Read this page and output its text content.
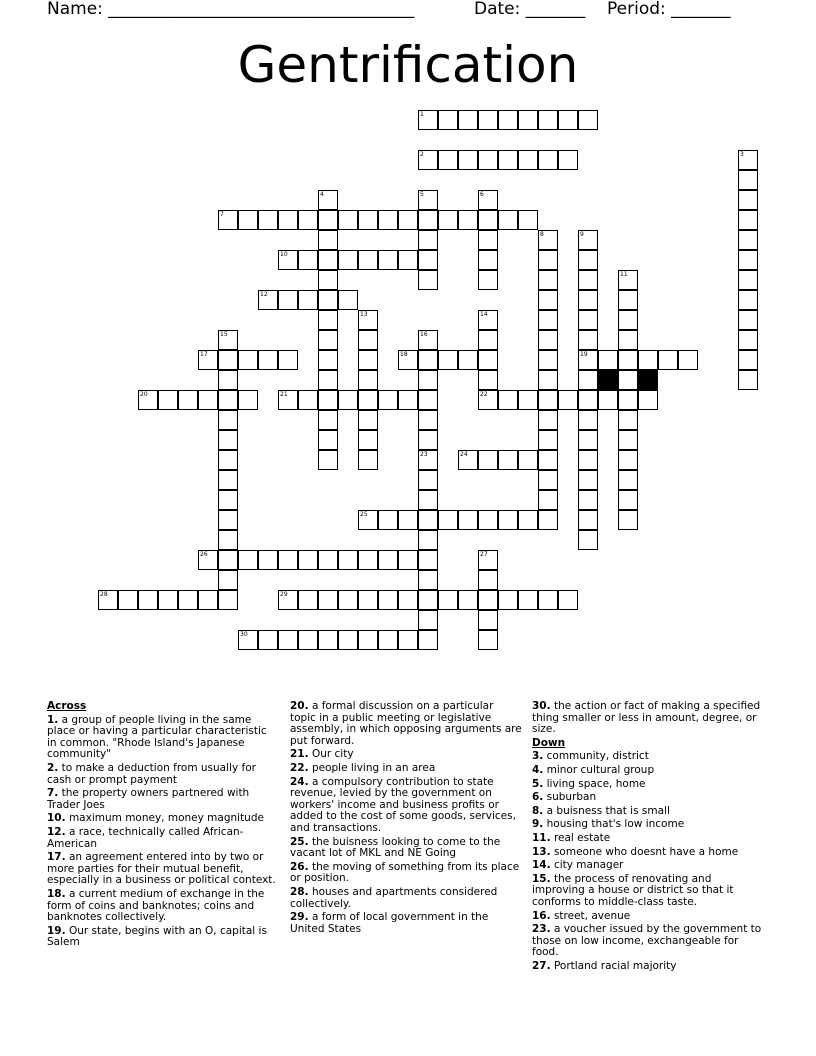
Name: ____________________________________	Date: _______ Period: _______
Gentrification
1
2	3
4	5	6
7
8	9
19
10
11
12
13	14
15	16
17	18
20	21	22
23	24
25
26	27
28	29
30
Across
1. a group of people living in the same place or having a particular characteristic in common. "Rhode Island's Japanese community"
2. to make a deduction from usually for cash or prompt payment
7. the property owners partnered with Trader Joes
10. maximum money, money magnitude
12. a race, technically called African-American
17. an agreement entered into by two or more parties for their mutual benefit, especially in a business or political context.
18. a current medium of exchange in the form of coins and banknotes; coins and banknotes collectively.
19. Our state, begins with an O, capital is Salem
20. a formal discussion on a particular topic in a public meeting or legislative assembly, in which opposing arguments are put forward.
21. Our city
22. people living in an area
24. a compulsory contribution to state revenue, levied by the government on workers' income and business profits or added to the cost of some goods, services, and transactions.
25. the buisness looking to come to the vacant lot of MKL and NE Going
26. the moving of something from its place or position.
28. houses and apartments considered collectively.
29. a form of local government in the United States
30. the action or fact of making a specified thing smaller or less in amount, degree, or size.
Down
3. community, district
4. minor cultural group
5. living space, home
6. suburban
8. a buisness that is small
9. housing that's low income
11. real estate
13. someone who doesnt have a home
14. city manager
15. the process of renovating and improving a house or district so that it conforms to middle-class taste.
16. street, avenue
23. a voucher issued by the government to those on low income, exchangeable for food.
27. Portland racial majority
